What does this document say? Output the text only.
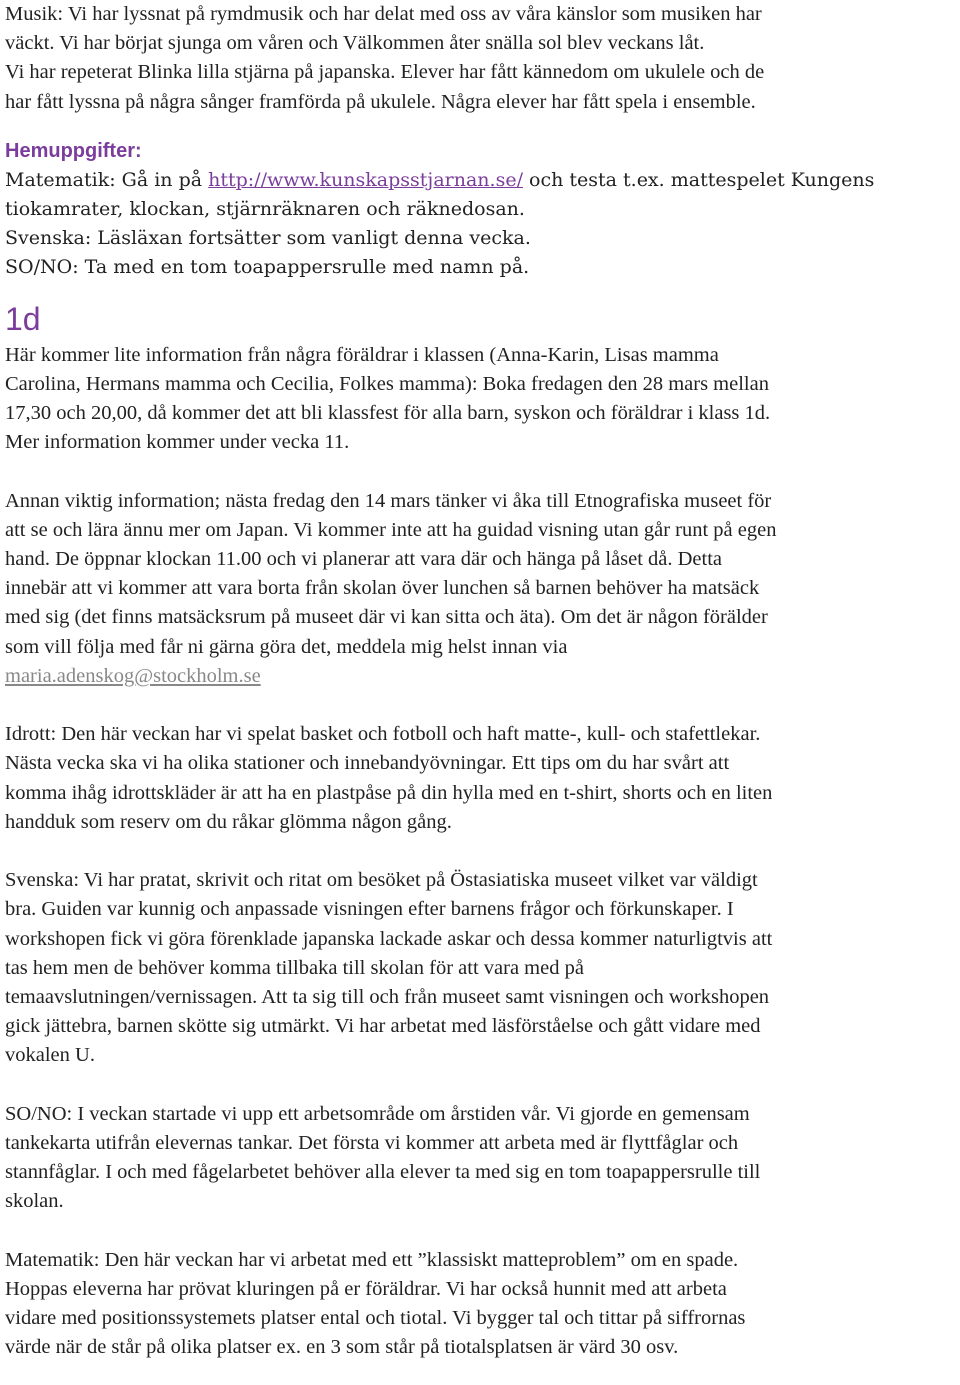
Musik: Vi har lyssnat på rymdmusik och har delat med oss av våra känslor som musiken har

väckt. Vi har börjat sjunga om våren och Välkommen åter snälla sol blev veckans låt.

Vi har repeterat Blinka lilla stjärna på japanska. Elever har fått kännedom om ukulele och de

har fått lyssna på några sånger framförda på ukulele. Några elever har fått spela i ensemble.

Hemuppgifter:

Matematik: Gå in på http://www.kunskapsstjarnan.se/ och testa t.ex. mattespelet Kungens

tiokamrater, klockan, stjärnräknaren och räknedosan.

Svenska: Läsläxan fortsätter som vanligt denna vecka.

SO/NO: Ta med en tom toapappersrulle med namn på.

1d

Här kommer lite information från några föräldrar i klassen (Anna-Karin, Lisas mamma

Carolina, Hermans mamma och Cecilia, Folkes mamma): Boka fredagen den 28 mars mellan

17,30 och 20,00, då kommer det att bli klassfest för alla barn, syskon och föräldrar i klass 1d.

Mer information kommer under vecka 11.

Annan viktig information; nästa fredag den 14 mars tänker vi åka till Etnografiska museet för

att se och lära ännu mer om Japan. Vi kommer inte att ha guidad visning utan går runt på egen

hand. De öppnar klockan 11.00 och vi planerar att vara där och hänga på låset då. Detta

innebär att vi kommer att vara borta från skolan över lunchen så barnen behöver ha matsäck

med sig (det finns matsäcksrum på museet där vi kan sitta och äta). Om det är någon förälder

som vill följa med får ni gärna göra det, meddela mig helst innan via

maria.adenskog@stockholm.se

Idrott: Den här veckan har vi spelat basket och fotboll och haft matte-, kull- och stafettlekar.

Nästa vecka ska vi ha olika stationer och innebandyövningar. Ett tips om du har svårt att

komma ihåg idrottskläder är att ha en plastpåse på din hylla med en t-shirt, shorts och en liten

handduk som reserv om du råkar glömma någon gång.

Svenska: Vi har pratat, skrivit och ritat om besöket på Östasiatiska museet vilket var väldigt

bra. Guiden var kunnig och anpassade visningen efter barnens frågor och förkunskaper. I

workshopen fick vi göra förenklade japanska lackade askar och dessa kommer naturligtvis att

tas hem men de behöver komma tillbaka till skolan för att vara med på

temaavslutningen/vernissagen. Att ta sig till och från museet samt visningen och workshopen

gick jättebra, barnen skötte sig utmärkt. Vi har arbetat med läsförståelse och gått vidare med

vokalen U.

SO/NO: I veckan startade vi upp ett arbetsområde om årstiden vår. Vi gjorde en gemensam

tankekarta utifrån elevernas tankar. Det första vi kommer att arbeta med är flyttfåglar och

stannfåglar. I och med fågelarbetet behöver alla elever ta med sig en tom toapappersrulle till

skolan.

Matematik: Den här veckan har vi arbetat med ett ”klassiskt matteproblem” om en spade.

Hoppas eleverna har prövat kluringen på er föräldrar. Vi har också hunnit med att arbeta

vidare med positionssystemets platser ental och tiotal. Vi bygger tal och tittar på siffrornas

värde när de står på olika platser ex. en 3 som står på tiotalsplatsen är värd 30 osv.
